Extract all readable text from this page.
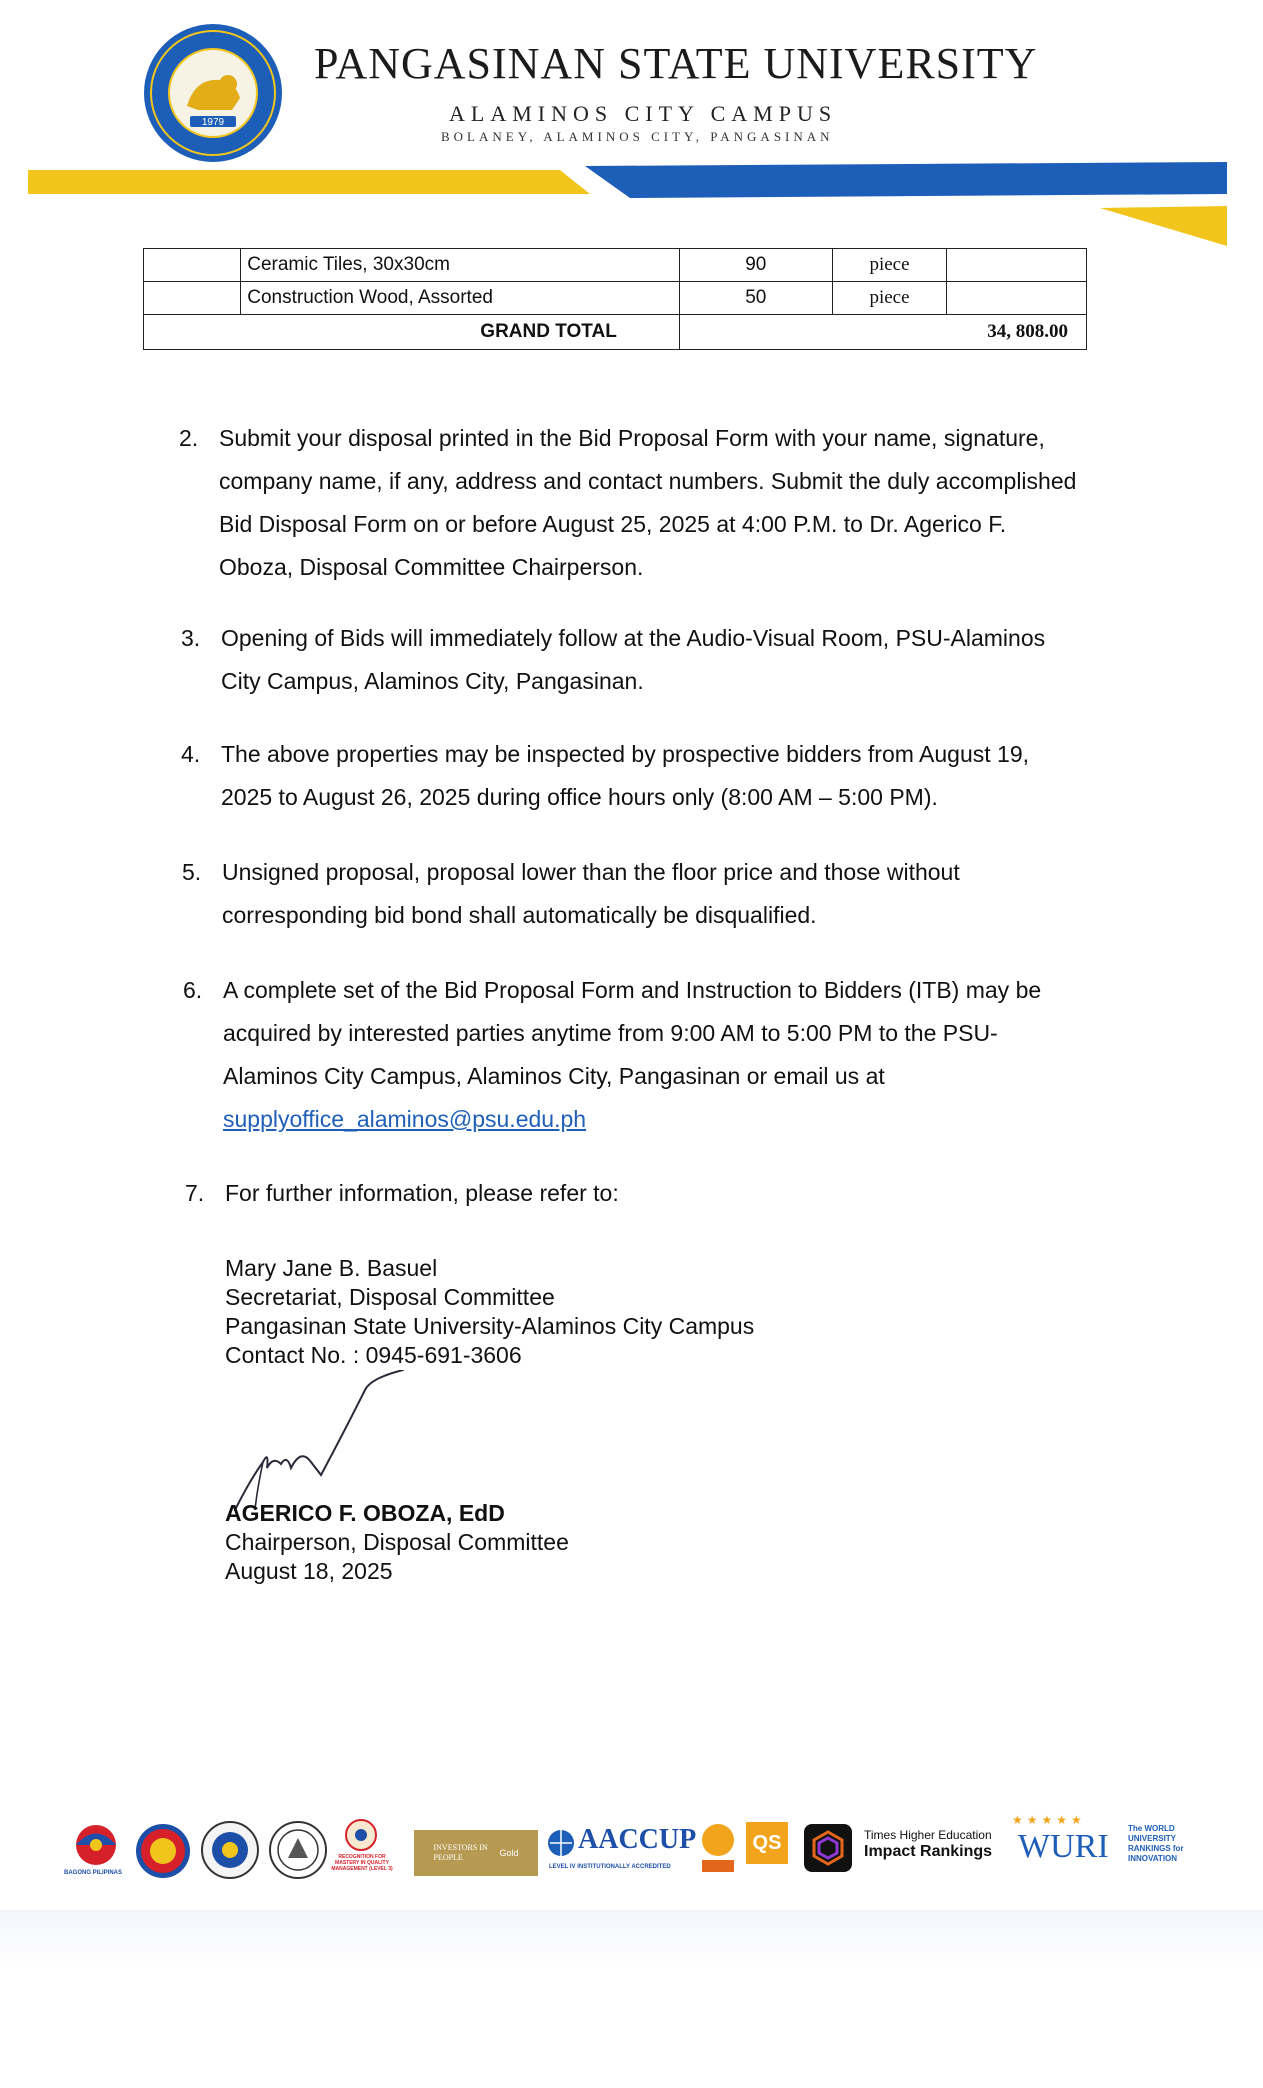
1979
PANGASINAN STATE UNIVERSITY
ALAMINOS CITY CAMPUS
BOLANEY, ALAMINOS CITY, PANGASINAN
	Ceramic Tiles, 30x30cm	90	piece	
	Construction Wood, Assorted	50	piece	
GRAND TOTAL		34, 808.00		
2. Submit your disposal printed in the Bid Proposal Form with your name, signature, company name, if any, address and contact numbers. Submit the duly accomplished Bid Disposal Form on or before August 25, 2025 at 4:00 P.M. to Dr. Agerico F. Oboza, Disposal Committee Chairperson.
3. Opening of Bids will immediately follow at the Audio-Visual Room, PSU-Alaminos City Campus, Alaminos City, Pangasinan.
4. The above properties may be inspected by prospective bidders from August 19, 2025 to August 26, 2025 during office hours only (8:00 AM – 5:00 PM).
5. Unsigned proposal, proposal lower than the floor price and those without corresponding bid bond shall automatically be disqualified.
6. A complete set of the Bid Proposal Form and Instruction to Bidders (ITB) may be acquired by interested parties anytime from 9:00 AM to 5:00 PM to the PSU-Alaminos City Campus, Alaminos City, Pangasinan or email us at supplyoffice_alaminos@psu.edu.ph
7. For further information, please refer to:
Mary Jane B. Basuel
Secretariat, Disposal Committee
Pangasinan State University-Alaminos City Campus
Contact No. : 0945-691-3606
AGERICO F. OBOZA, EdD
Chairperson, Disposal Committee
August 18, 2025
BAGONG PILIPINAS
RECOGNITION FOR MASTERY IN QUALITY MANAGEMENT (LEVEL 3)
INVESTORS IN PEOPLE	Gold AACCUP
LEVEL IV INSTITUTIONALLY ACCREDITED
QS	Times Higher Education
Impact Rankings
★★★★★
WURI The WORLD UNIVERSITY RANKINGS for INNOVATION
